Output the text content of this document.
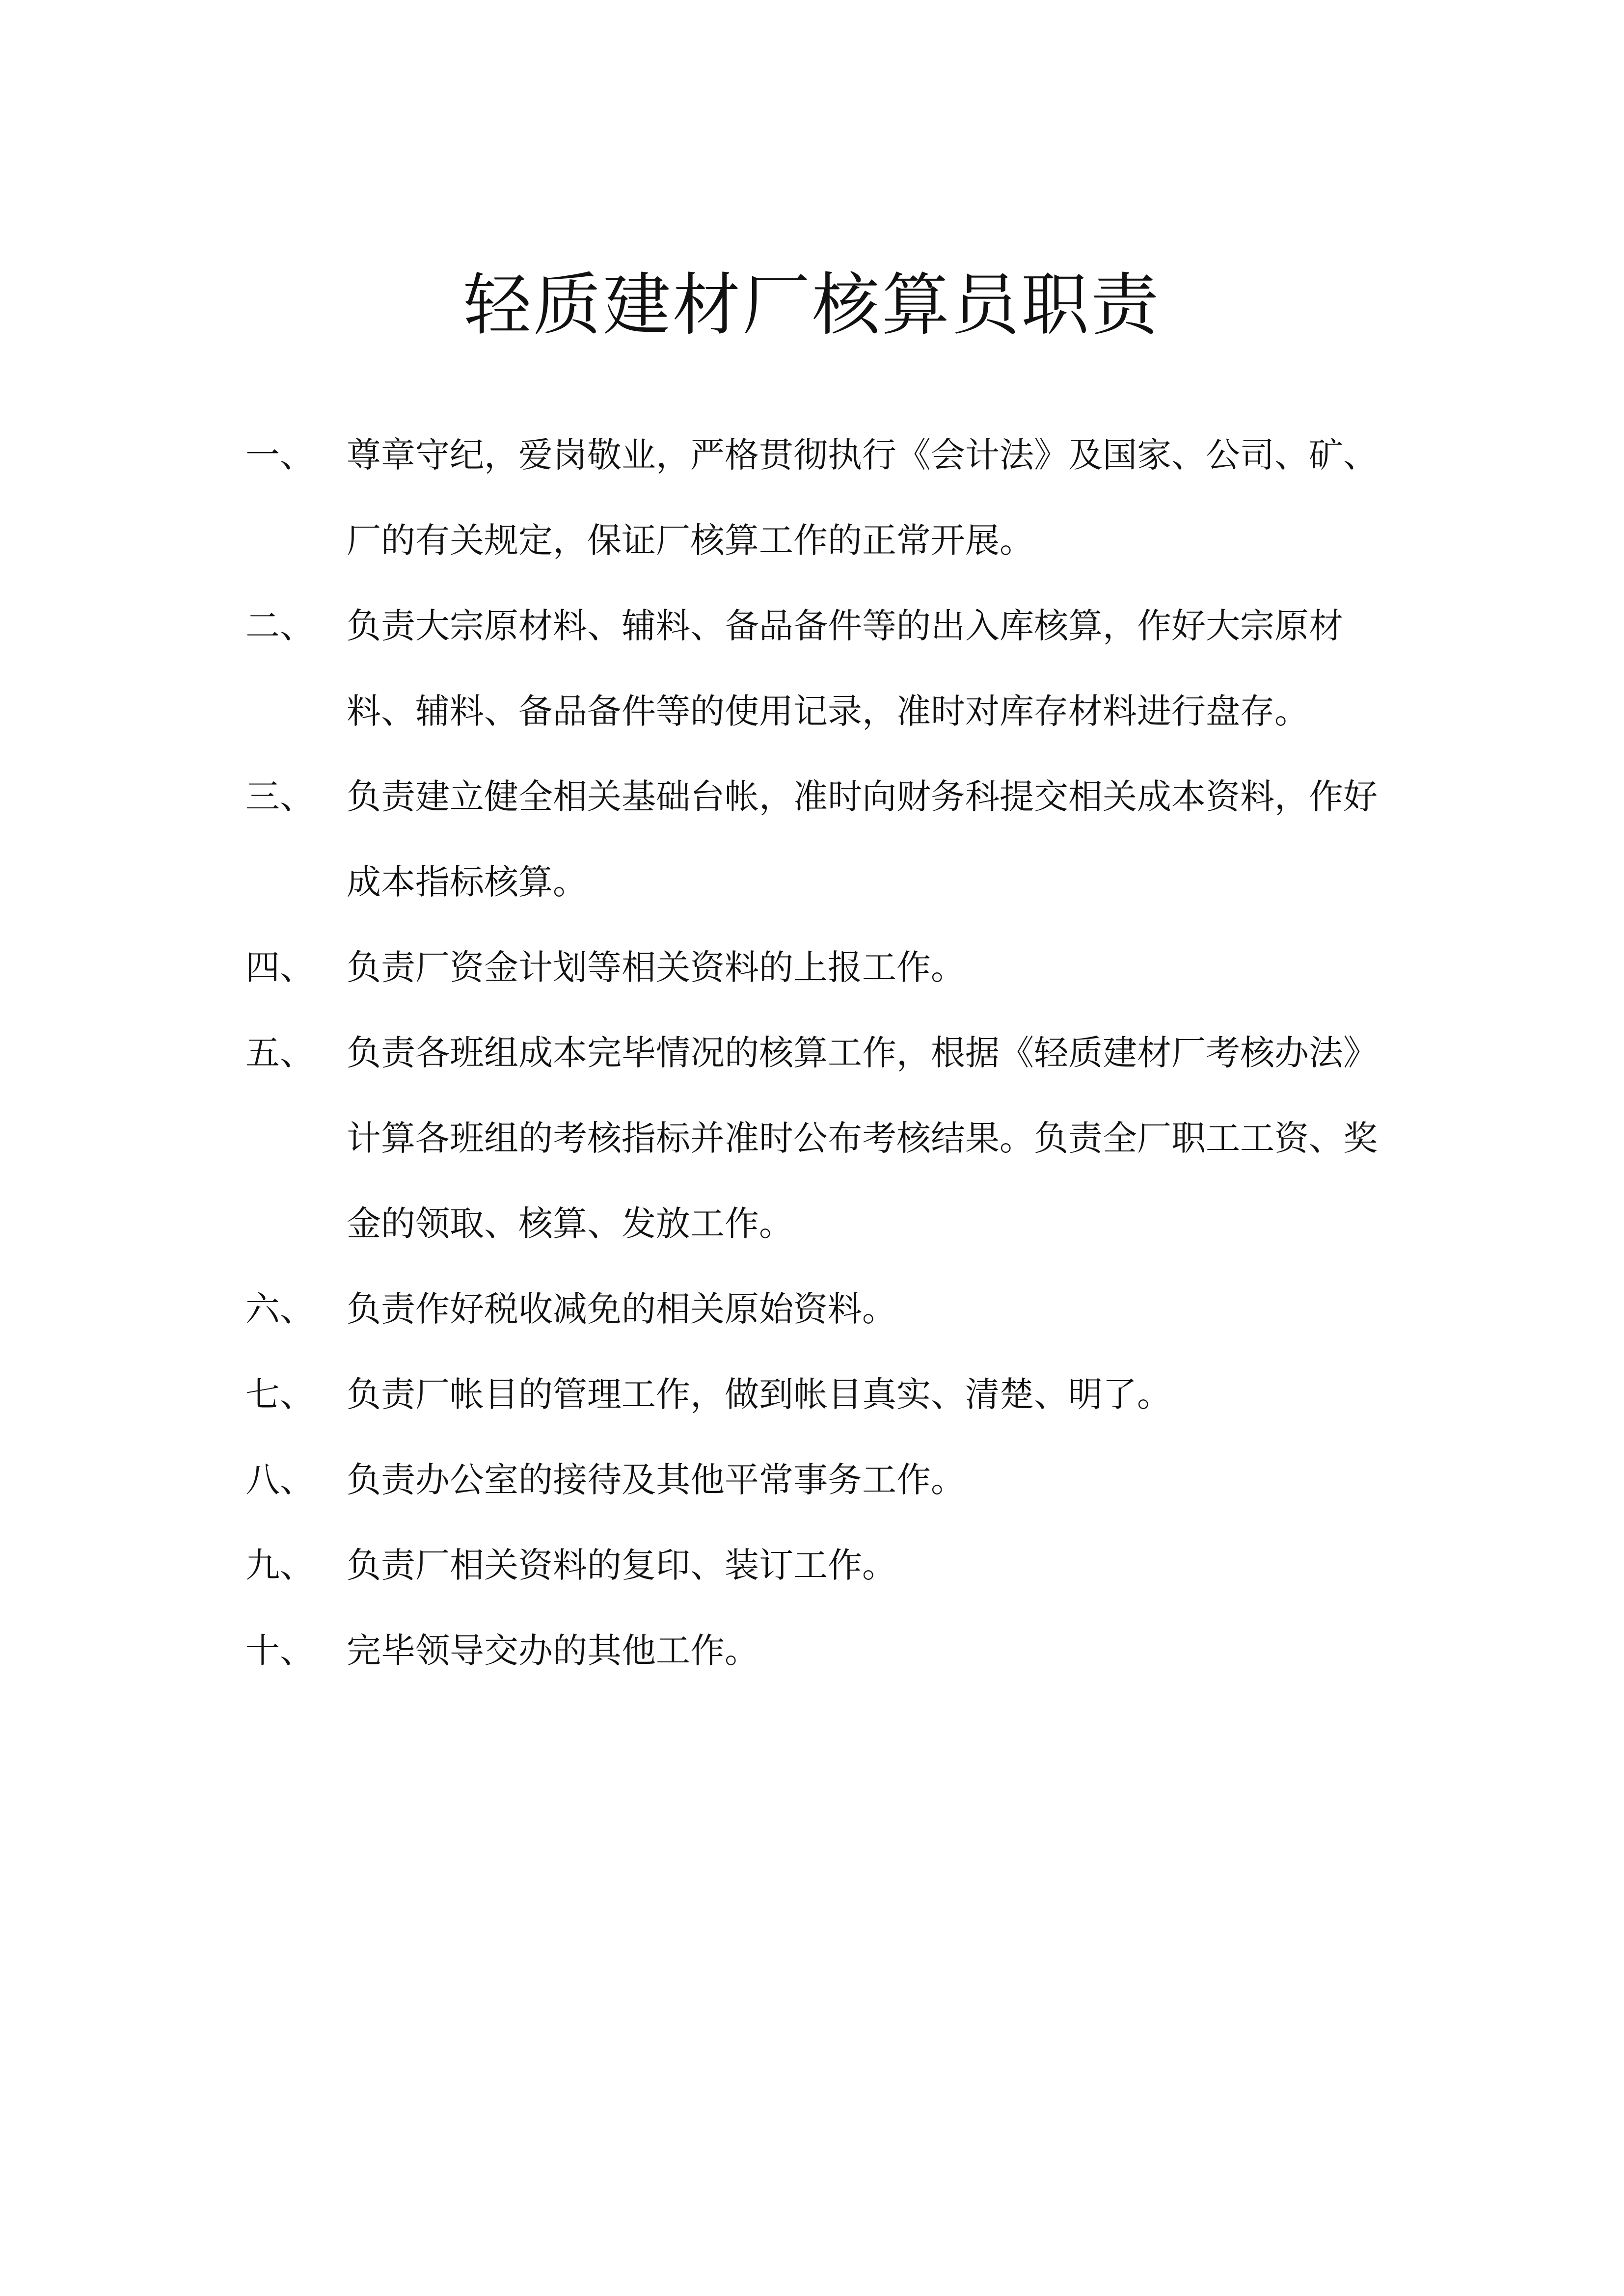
轻质建材厂核算员职责
一、 尊章守纪，爱岗敬业，严格贯彻执行《会计法》及国家、公司、矿、厂的有关规定，保证厂核算工作的正常开展。
二、 负责大宗原材料、辅料、备品备件等的出入库核算，作好大宗原材料、辅料、备品备件等的使用记录，准时对库存材料进行盘存。
三、 负责建立健全相关基础台帐，准时向财务科提交相关成本资料，作好成本指标核算。
四、 负责厂资金计划等相关资料的上报工作。
五、 负责各班组成本完毕情况的核算工作，根据《轻质建材厂考核办法》计算各班组的考核指标并准时公布考核结果。负责全厂职工工资、奖金的领取、核算、发放工作。
六、 负责作好税收减免的相关原始资料。
七、 负责厂帐目的管理工作，做到帐目真实、清楚、明了。
八、 负责办公室的接待及其他平常事务工作。
九、 负责厂相关资料的复印、装订工作。
十、 完毕领导交办的其他工作。
